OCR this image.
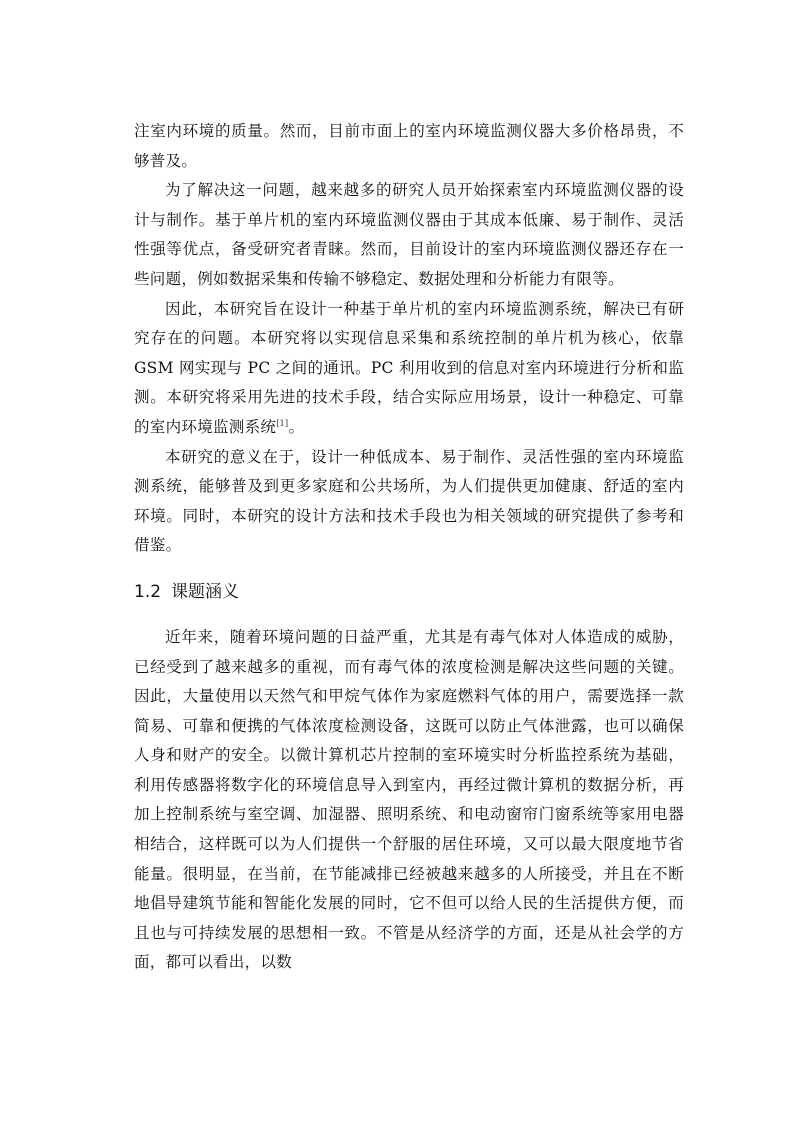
注室内环境的质量。然而，目前市面上的室内环境监测仪器大多价格昂贵，不够普及。

为了解决这一问题，越来越多的研究人员开始探索室内环境监测仪器的设计与制作。基于单片机的室内环境监测仪器由于其成本低廉、易于制作、灵活性强等优点，备受研究者青睐。然而，目前设计的室内环境监测仪器还存在一些问题，例如数据采集和传输不够稳定、数据处理和分析能力有限等。

因此，本研究旨在设计一种基于单片机的室内环境监测系统，解决已有研究存在的问题。本研究将以实现信息采集和系统控制的单片机为核心，依靠 GSM 网实现与 PC 之间的通讯。PC 利用收到的信息对室内环境进行分析和监测。本研究将采用先进的技术手段，结合实际应用场景，设计一种稳定、可靠的室内环境监测系统[1]。

本研究的意义在于，设计一种低成本、易于制作、灵活性强的室内环境监测系统，能够普及到更多家庭和公共场所，为人们提供更加健康、舒适的室内环境。同时，本研究的设计方法和技术手段也为相关领域的研究提供了参考和借鉴。

1.2 课题涵义

近年来，随着环境问题的日益严重，尤其是有毒气体对人体造成的威胁，已经受到了越来越多的重视，而有毒气体的浓度检测是解决这些问题的关键。因此，大量使用以天然气和甲烷气体作为家庭燃料气体的用户，需要选择一款简易、可靠和便携的气体浓度检测设备，这既可以防止气体泄露，也可以确保人身和财产的安全。以微计算机芯片控制的室环境实时分析监控系统为基础，利用传感器将数字化的环境信息导入到室内，再经过微计算机的数据分析，再加上控制系统与室空调、加湿器、照明系统、和电动窗帘门窗系统等家用电器相结合，这样既可以为人们提供一个舒服的居住环境，又可以最大限度地节省能量。很明显，在当前，在节能减排已经被越来越多的人所接受，并且在不断地倡导建筑节能和智能化发展的同时，它不但可以给人民的生活提供方便，而且也与可持续发展的思想相一致。不管是从经济学的方面，还是从社会学的方面，都可以看出，以数
